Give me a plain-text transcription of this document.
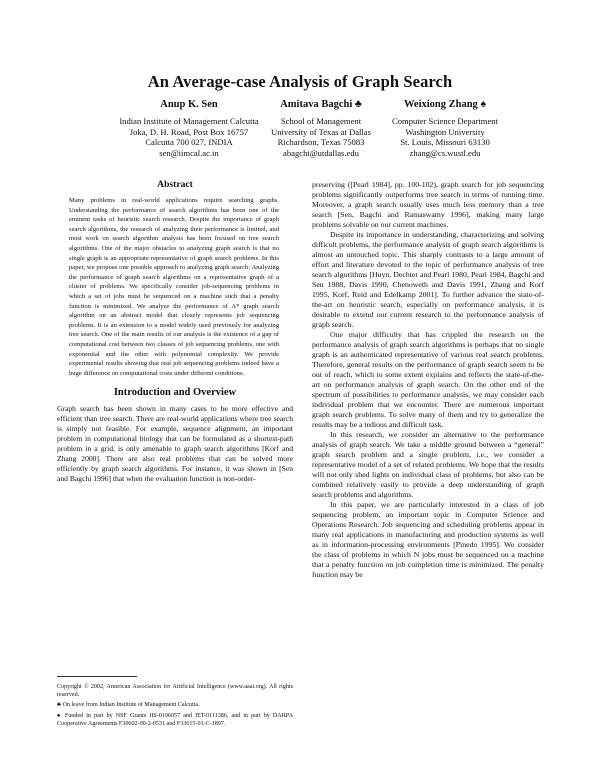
An Average-case Analysis of Graph Search
Anup K. Sen
Indian Institute of Management Calcutta
Joka, D. H. Road, Post Box 16757
Calcutta 700 027, INDIA
sen@iimcal.ac.in
Amitava Bagchi ♣
School of Management
University of Texas at Dallas
Richardson, Texas 75083
abagchi@utdallas.edu
Weixiong Zhang ♠
Computer Science Department
Washington University
St. Louis, Missouri 63130
zhang@cs.wustl.edu
Abstract
Many problems in real-world applications require searching graphs. Understanding the performance of search algorithms has been one of the eminent tasks of heuristic search research. Despite the importance of graph search algorithms, the research of analyzing their performance is limited, and most work on search algorithm analysis has been focused on tree search algorithms. One of the major obstacles to analyzing graph search is that no single graph is an appropriate representative of graph search problems. In this paper, we propose one possible approach to analyzing graph search: Analyzing the performance of graph search algorithms on a representative graph of a cluster of problems. We specifically consider job-sequencing problems in which a set of jobs must be sequenced on a machine such that a penalty function is minimized. We analyze the performance of A* graph search algorithm on an abstract model that closely represents job sequencing problems. It is an extension to a model widely used previously for analyzing tree search. One of the main results of our analysis is the existence of a gap of computational cost between two classes of job sequencing problems, one with exponential and the other with polynomial complexity. We provide experimental results showing that real job sequencing problems indeed have a huge difference on computational costs under different conditions.
Introduction and Overview

Graph search has been shown in many cases to be more effective and efficient than tree search. There are real-world applications where tree search is simply not feasible. For example, sequence alignment, an important problem in computational biology that can be formulated as a shortest-path problem in a grid, is only amenable to graph search algorithms [Korf and Zhang 2000]. There are also real problems that can be solved more efficiently by graph search algorithms. For instance, it was shown in [Sen and Bagchi 1996] that when the evaluation function is non-order-

preserving ([Pearl 1984], pp. 100-102), graph search for job sequencing problems significantly outperforms tree search in terms of running time. Moreover, a graph search usually uses much less memory than a tree search [Sen, Bagchi and Ramaswamy 1996], making many large problems solvable on our current machines.

Despite its importance in understanding, characterizing and solving difficult problems, the performance analysis of graph search algorithms is almost an untouched topic. This sharply contrasts to a large amount of effort and literature devoted to the topic of performance analysis of tree search algorithms [Huyn, Dechter and Pearl 1980, Pearl 1984, Bagchi and Sen 1988, Davis 1990, Chenoweth and Davis 1991, Zhang and Korf 1995, Korf, Reid and Edelkamp 2001]. To further advance the state-of-the-art on heuristic search, especially on performance analysis, it is desirable to extend our current research to the performance analysis of graph search.

One major difficulty that has crippled the research on the performance analysis of graph search algorithms is perhaps that no single graph is an authenticated representative of various real search problems. Therefore, general results on the performance of graph search seem to be out of reach, which to some extent explains and reflects the state-of-the-art on performance analysis of graph search. On the other end of the spectrum of possibilities to performance analysis, we may consider each individual problem that we encounter. There are numerous important graph search problems. To solve many of them and try to generalize the results may be a tedious and difficult task.

In this research, we consider an alternative to the performance analysis of graph search. We take a middle ground between a “general” graph search problem and a single problem, i.e., we consider a representative model of a set of related problems. We hope that the results will not only shed lights on individual class of problems, but also can be combined relatively easily to provide a deep understanding of graph search problems and algorithms.

In this paper, we are particularly interested in a class of job sequencing problem, an important topic in Computer Science and Operations Research. Job sequencing and scheduling problems appear in many real applications in manufacturing and production systems as well as in information-processing environments [Pinedo 1995]. We consider the class of problems in which N jobs must be sequenced on a machine that a penalty function on job completion time is minimized. The penalty function may be

Copyright © 2002, American Association for Artificial Intelligence (www.aaai.org). All rights reserved.

♣ On leave from Indian Institute of Management Calcutta.

♠ Funded in part by NSF Grants IIS-0196057 and IET-0111386, and in part by DARPA Cooperative Agreements F30602-00-2-0531 and F33615-01-C-1897.
